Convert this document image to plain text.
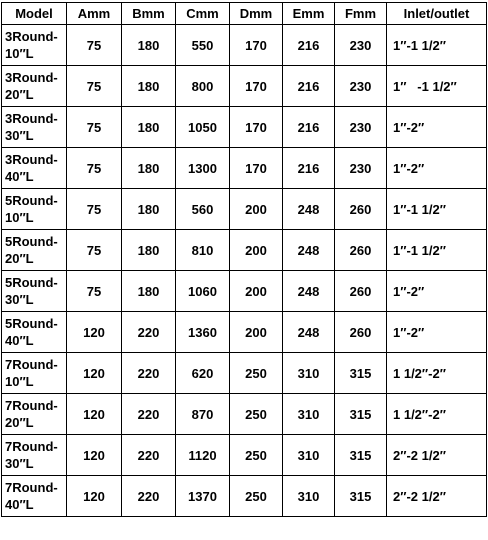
Model	Amm	Bmm	Cmm	Dmm	Emm	Fmm	Inlet/outlet

3Round-
10″L	75	180	550	170	216	230	1″-1 1/2″

3Round-
20″L	75	180	800	170	216	230	1″   -1 1/2″

3Round-
30″L	75	180	1050	170	216	230	1″-2″

3Round-
40″L	75	180	1300	170	216	230	1″-2″

5Round-
10″L	75	180	560	200	248	260	1″-1 1/2″

5Round-
20″L	75	180	810	200	248	260	1″-1 1/2″

5Round-
30″L	75	180	1060	200	248	260	1″-2″

5Round-
40″L	120	220	1360	200	248	260	1″-2″

7Round-
10″L	120	220	620	250	310	315	1 1/2″-2″

7Round-
20″L	120	220	870	250	310	315	1 1/2″-2″

7Round-
30″L	120	220	1120	250	310	315	2″-2 1/2″

7Round-
40″L	120	220	1370	250	310	315	2″-2 1/2″
